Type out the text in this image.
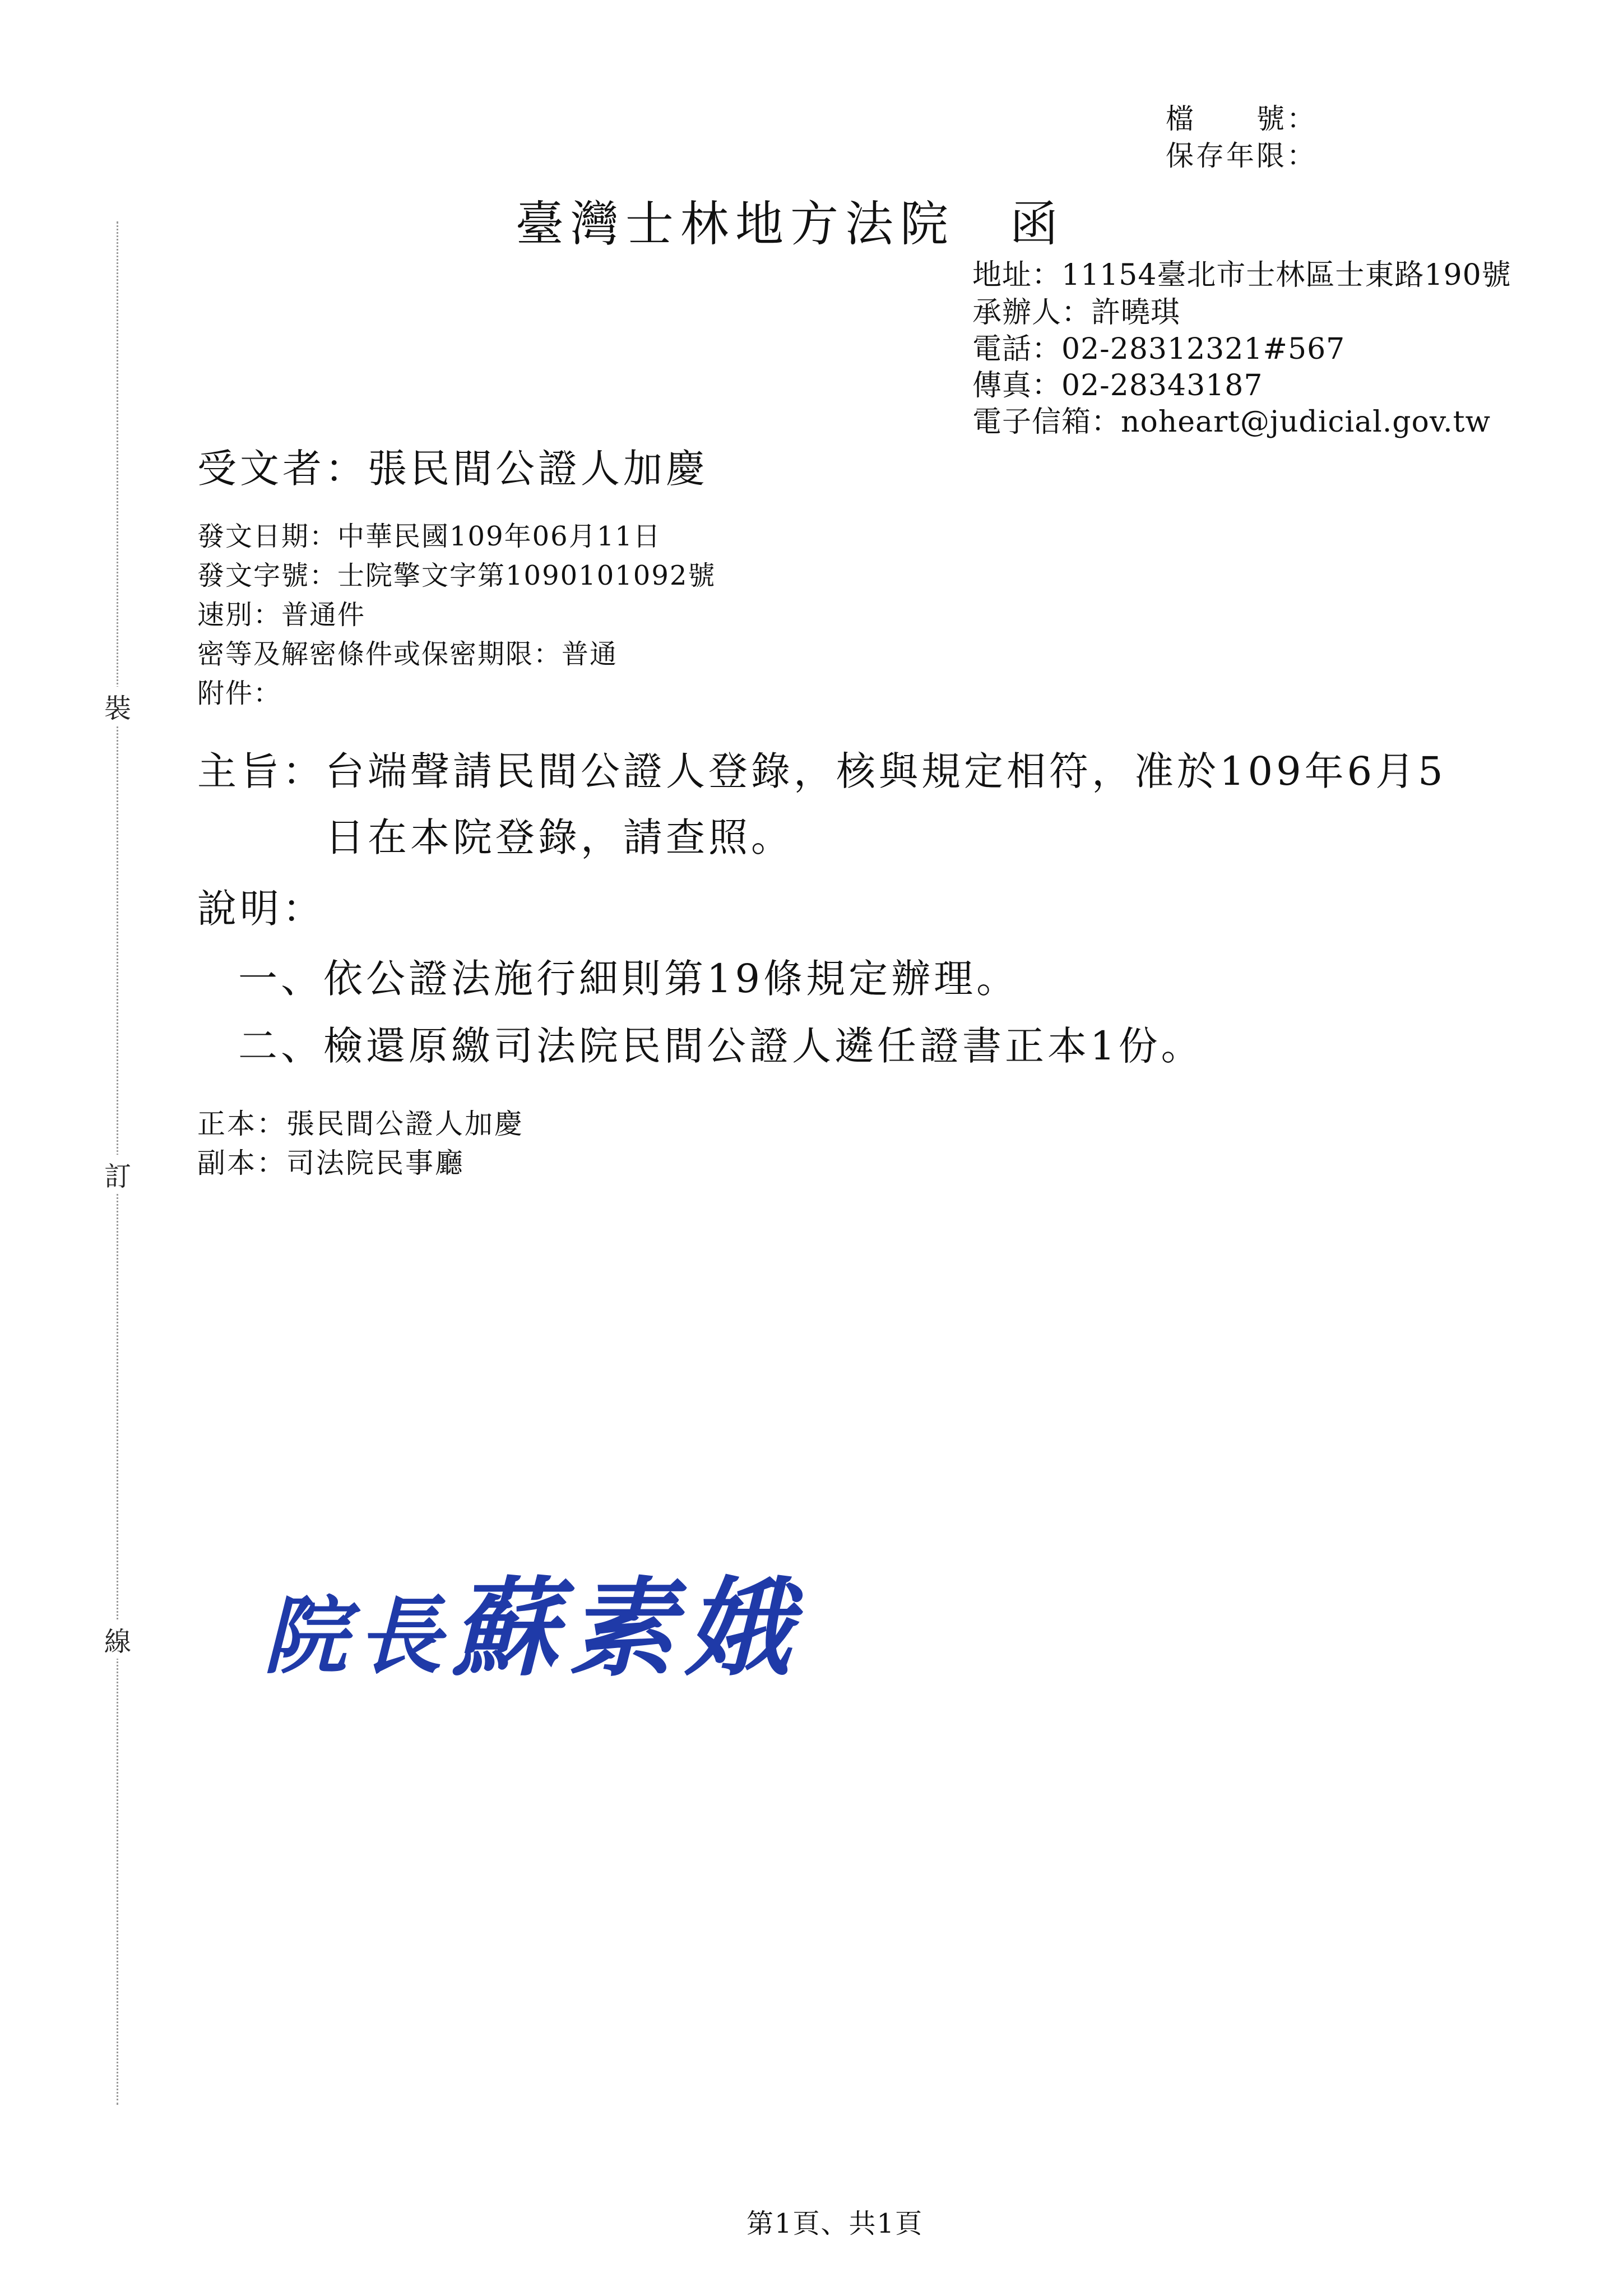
裝
訂
線
檔　　號：
保存年限：
臺灣士林地方法院　函
地址：11154臺北市士林區士東路190號
承辦人：許曉琪
電話：02-28312321#567
傳真：02-28343187
電子信箱：noheart@judicial.gov.tw
受文者：張民間公證人加慶
發文日期：中華民國109年06月11日
發文字號：士院擎文字第1090101092號
速別：普通件
密等及解密條件或保密期限：普通
附件：
主旨： 台端聲請民間公證人登錄，核與規定相符，准於109年6月5
日在本院登錄，請查照。
說明：
一、依公證法施行細則第19條規定辦理。
二、檢還原繳司法院民間公證人遴任證書正本1份。
正本：張民間公證人加慶
副本：司法院民事廳
院長蘇素娥
第1頁、共1頁
